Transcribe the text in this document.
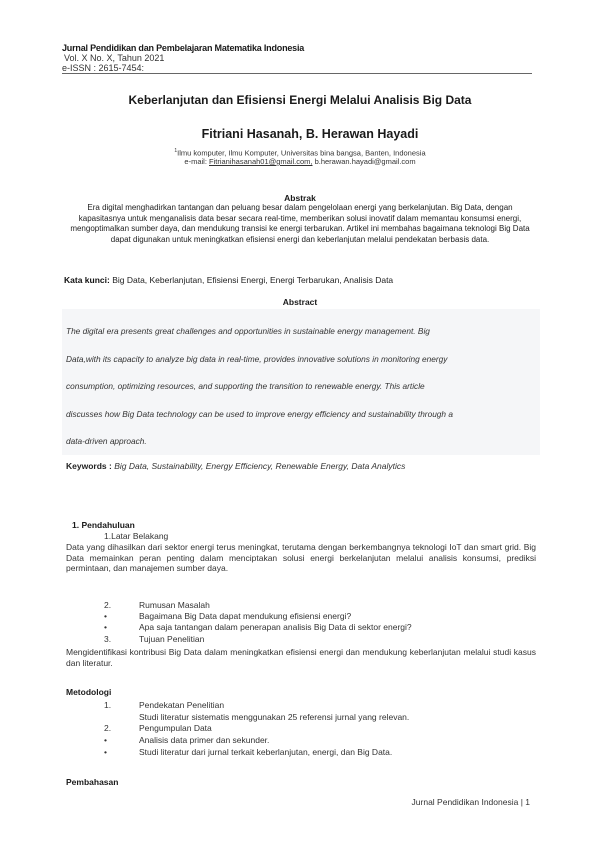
Jurnal Pendidikan dan Pembelajaran Matematika Indonesia
Vol. X No. X, Tahun 2021
e-ISSN : 2615-7454:
Keberlanjutan dan Efisiensi Energi Melalui Analisis Big Data
Fitriani Hasanah, B. Herawan Hayadi
$^1$Ilmu komputer, Ilmu Komputer, Universitas bina bangsa, Banten, Indonesia
e-mail: Fitrianihasanah01@gmail.com, b.herawan.hayadi@gmail.com
Abstrak
Era digital menghadirkan tantangan dan peluang besar dalam pengelolaan energi yang berkelanjutan. Big Data, dengan kapasitasnya untuk menganalisis data besar secara real-time, memberikan solusi inovatif dalam memantau konsumsi energi, mengoptimalkan sumber daya, dan mendukung transisi ke energi terbarukan. Artikel ini membahas bagaimana teknologi Big Data dapat digunakan untuk meningkatkan efisiensi energi dan keberlanjutan melalui pendekatan berbasis data.
Kata kunci: Big Data, Keberlanjutan, Efisiensi Energi, Energi Terbarukan, Analisis Data
Abstract
The digital era presents great challenges and opportunities in sustainable energy management. Big
Data,with its capacity to analyze big data in real-time, provides innovative solutions in monitoring energy
consumption, optimizing resources, and supporting the transition to renewable energy. This article
discusses how Big Data technology can be used to improve energy efficiency and sustainability through a
data-driven approach.
Keywords : Big Data, Sustainability, Energy Efficiency, Renewable Energy, Data Analytics
1. Pendahuluan
1.Latar Belakang
Data yang dihasilkan dari sektor energi terus meningkat, terutama dengan berkembangnya teknologi IoT dan smart grid. Big Data memainkan peran penting dalam menciptakan solusi energi berkelanjutan melalui analisis konsumsi, prediksi permintaan, dan manajemen sumber daya.
2.	Rumusan Masalah
•	Bagaimana Big Data dapat mendukung efisiensi energi?
•	Apa saja tantangan dalam penerapan analisis Big Data di sektor energi?
3.	Tujuan Penelitian
Mengidentifikasi kontribusi Big Data dalam meningkatkan efisiensi energi dan mendukung keberlanjutan melalui studi kasus dan literatur.
Metodologi
1.	Pendekatan Penelitian
Studi literatur sistematis menggunakan 25 referensi jurnal yang relevan.
2.	Pengumpulan Data
•	Analisis data primer dan sekunder.
•	Studi literatur dari jurnal terkait keberlanjutan, energi, dan Big Data.
Pembahasan
Jurnal Pendidikan Indonesia | 1
